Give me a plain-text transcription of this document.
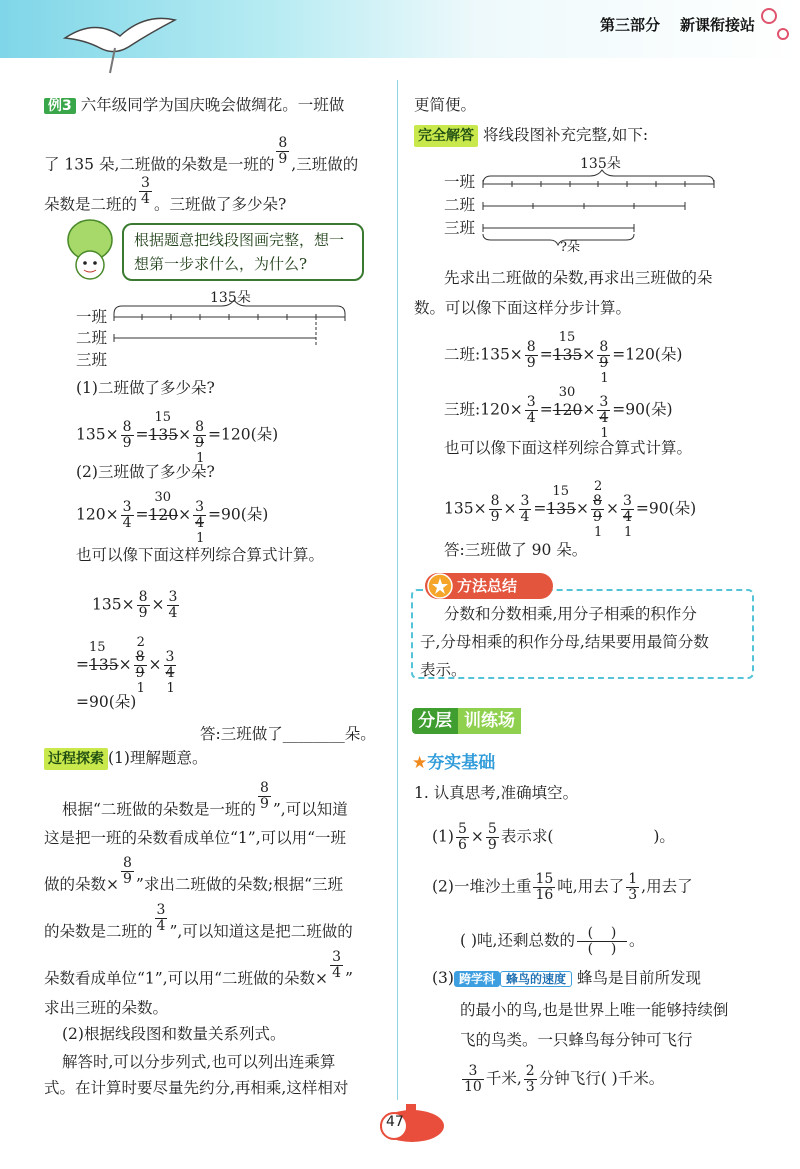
第三部分 新课衔接站
例3 六年级同学为国庆晚会做绸花。一班做
了 135 朵,二班做的朵数是一班的 $\frac{8}{9}$ ,三班做的
朵数是二班的 $\frac{3}{4}$ 。三班做了多少朵?
根据题意把线段图画完整，想一想第一步求什么，为什么?
135朵
一班
二班
三班
(1)二班做了多少朵?
$135\times \frac{8}{9}$ =
15
135× 8
9
1
=120(朵)
(2)三班做了多少朵?
$120\times \frac{3}{4}$ =
30
120× 3
4
1
=90(朵)
也可以像下面这样列综合算式计算。
$135\times \frac{8}{9} \times \frac{3}{4}$
=
15
135×
2
8
9
1
× 3
4
1
=90(朵)
答:三班做了________朵。
过程探索 (1)理解题意。
根据“二班做的朵数是一班的 $\frac{8}{9}$ ”,可以知道
这是把一班的朵数看成单位“1”,可以用“一班
做的朵数× $\frac{8}{9}$ ”求出二班做的朵数;根据“三班
的朵数是二班的 $\frac{3}{4}$ ”,可以知道这是把二班做的
朵数看成单位“1”,可以用“二班做的朵数× $\frac{3}{4}$ ”
求出三班的朵数。
(2)根据线段图和数量关系列式。
解答时,可以分步列式,也可以列出连乘算
式。在计算时要尽量先约分,再相乘,这样相对
更简便。
完全解答 将线段图补充完整,如下:
135朵
一班
二班
三班
?朵
先求出二班做的朵数,再求出三班做的朵
数。可以像下面这样分步计算。
二班:135× $\frac{8}{9}$ =
15
135× 8
9
1
=120(朵)
三班:120× $\frac{3}{4}$ =
30
120× 3
4
1
=90(朵)
也可以像下面这样列综合算式计算。
$135\times \frac{8}{9} \times \frac{3}{4}$ =
15
135×
2
8
9
1
× 3
4
1
=90(朵)
答:三班做了 90 朵。
方法总结
分数和分数相乘,用分子相乘的积作分
子,分母相乘的积作分母,结果要用最简分数
表示。
分层 训练场
★夯实基础
1. 认真思考,准确填空。
$(1) \frac{5}{6} \times \frac{5}{9}$ 表示求(	)。
(2)一堆沙土重 $\frac{15}{16}$ 吨,用去了 $\frac{1}{3}$ ,用去了
( )吨,还剩总数的 (    )
(    ) 。
(3) 跨学科 蜂鸟的速度 蜂鸟是目前所发现
的最小的鸟,也是世界上唯一能够持续倒
飞的鸟类。一只蜂鸟每分钟可飞行
$\frac{3}{10}$ 千米, $\frac{2}{3}$ 分钟飞行( )千米。
47
